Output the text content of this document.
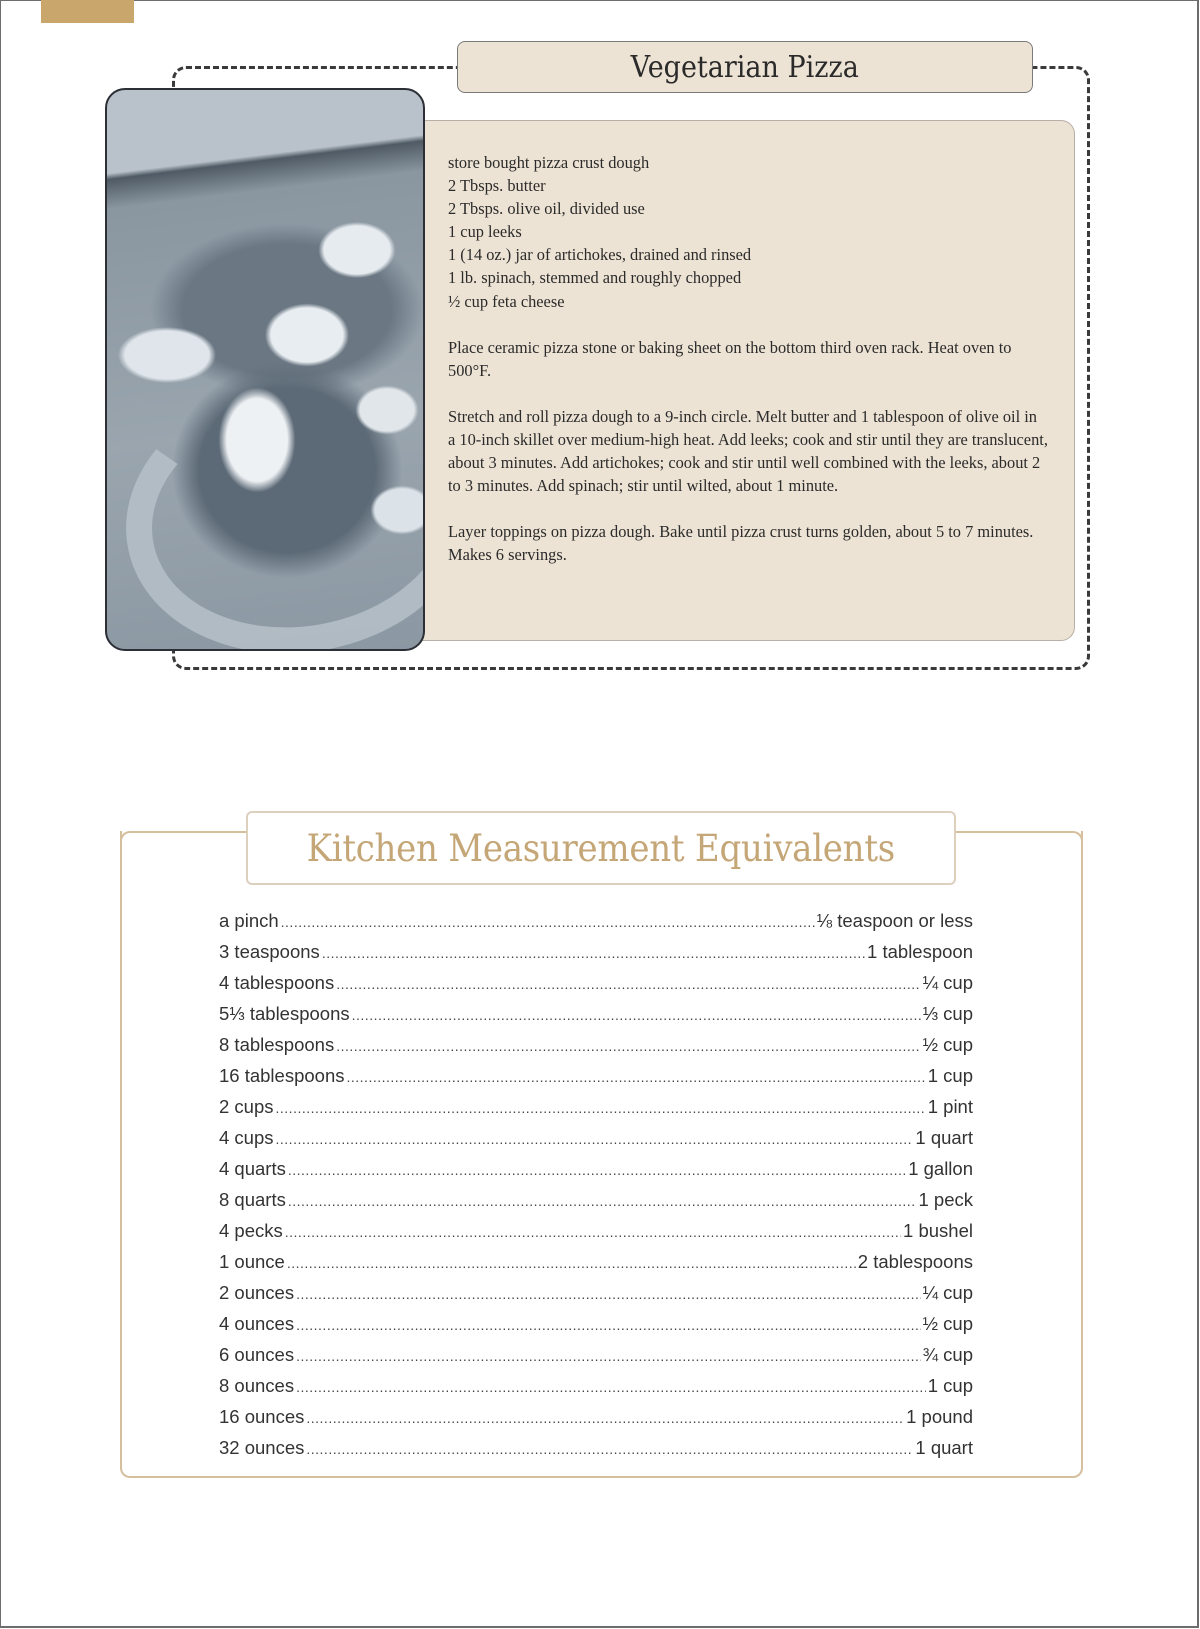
Vegetarian Pizza

store bought pizza crust dough
2 Tbsps. butter
2 Tbsps. olive oil, divided use
1 cup leeks
1 (14 oz.) jar of artichokes, drained and rinsed
1 lb. spinach, stemmed and roughly chopped
½ cup feta cheese

Place ceramic pizza stone or baking sheet on the bottom third oven rack. Heat oven to 500°F.

Stretch and roll pizza dough to a 9-inch circle. Melt butter and 1 tablespoon of olive oil in a 10-inch skillet over medium-high heat. Add leeks; cook and stir until they are translucent, about 3 minutes. Add artichokes; cook and stir until well combined with the leeks, about 2 to 3 minutes. Add spinach; stir until wilted, about 1 minute.

Layer toppings on pizza dough. Bake until pizza crust turns golden, about 5 to 7 minutes. Makes 6 servings.

Kitchen Measurement Equivalents
a pinch .....	⅛ teaspoon or less
3 teaspoons .....	1 tablespoon
4 tablespoons .....	¼ cup
5⅓ tablespoons .....	⅓ cup
8 tablespoons .....	½ cup
16 tablespoons .....	1 cup
2 cups .....	1 pint
4 cups .....	1 quart
4 quarts .....	1 gallon
8 quarts .....	1 peck
4 pecks .....	1 bushel
1 ounce .....	2 tablespoons
2 ounces .....	¼ cup
4 ounces .....	½ cup
6 ounces .....	¾ cup
8 ounces .....	1 cup
16 ounces .....	1 pound
32 ounces .....	1 quart
